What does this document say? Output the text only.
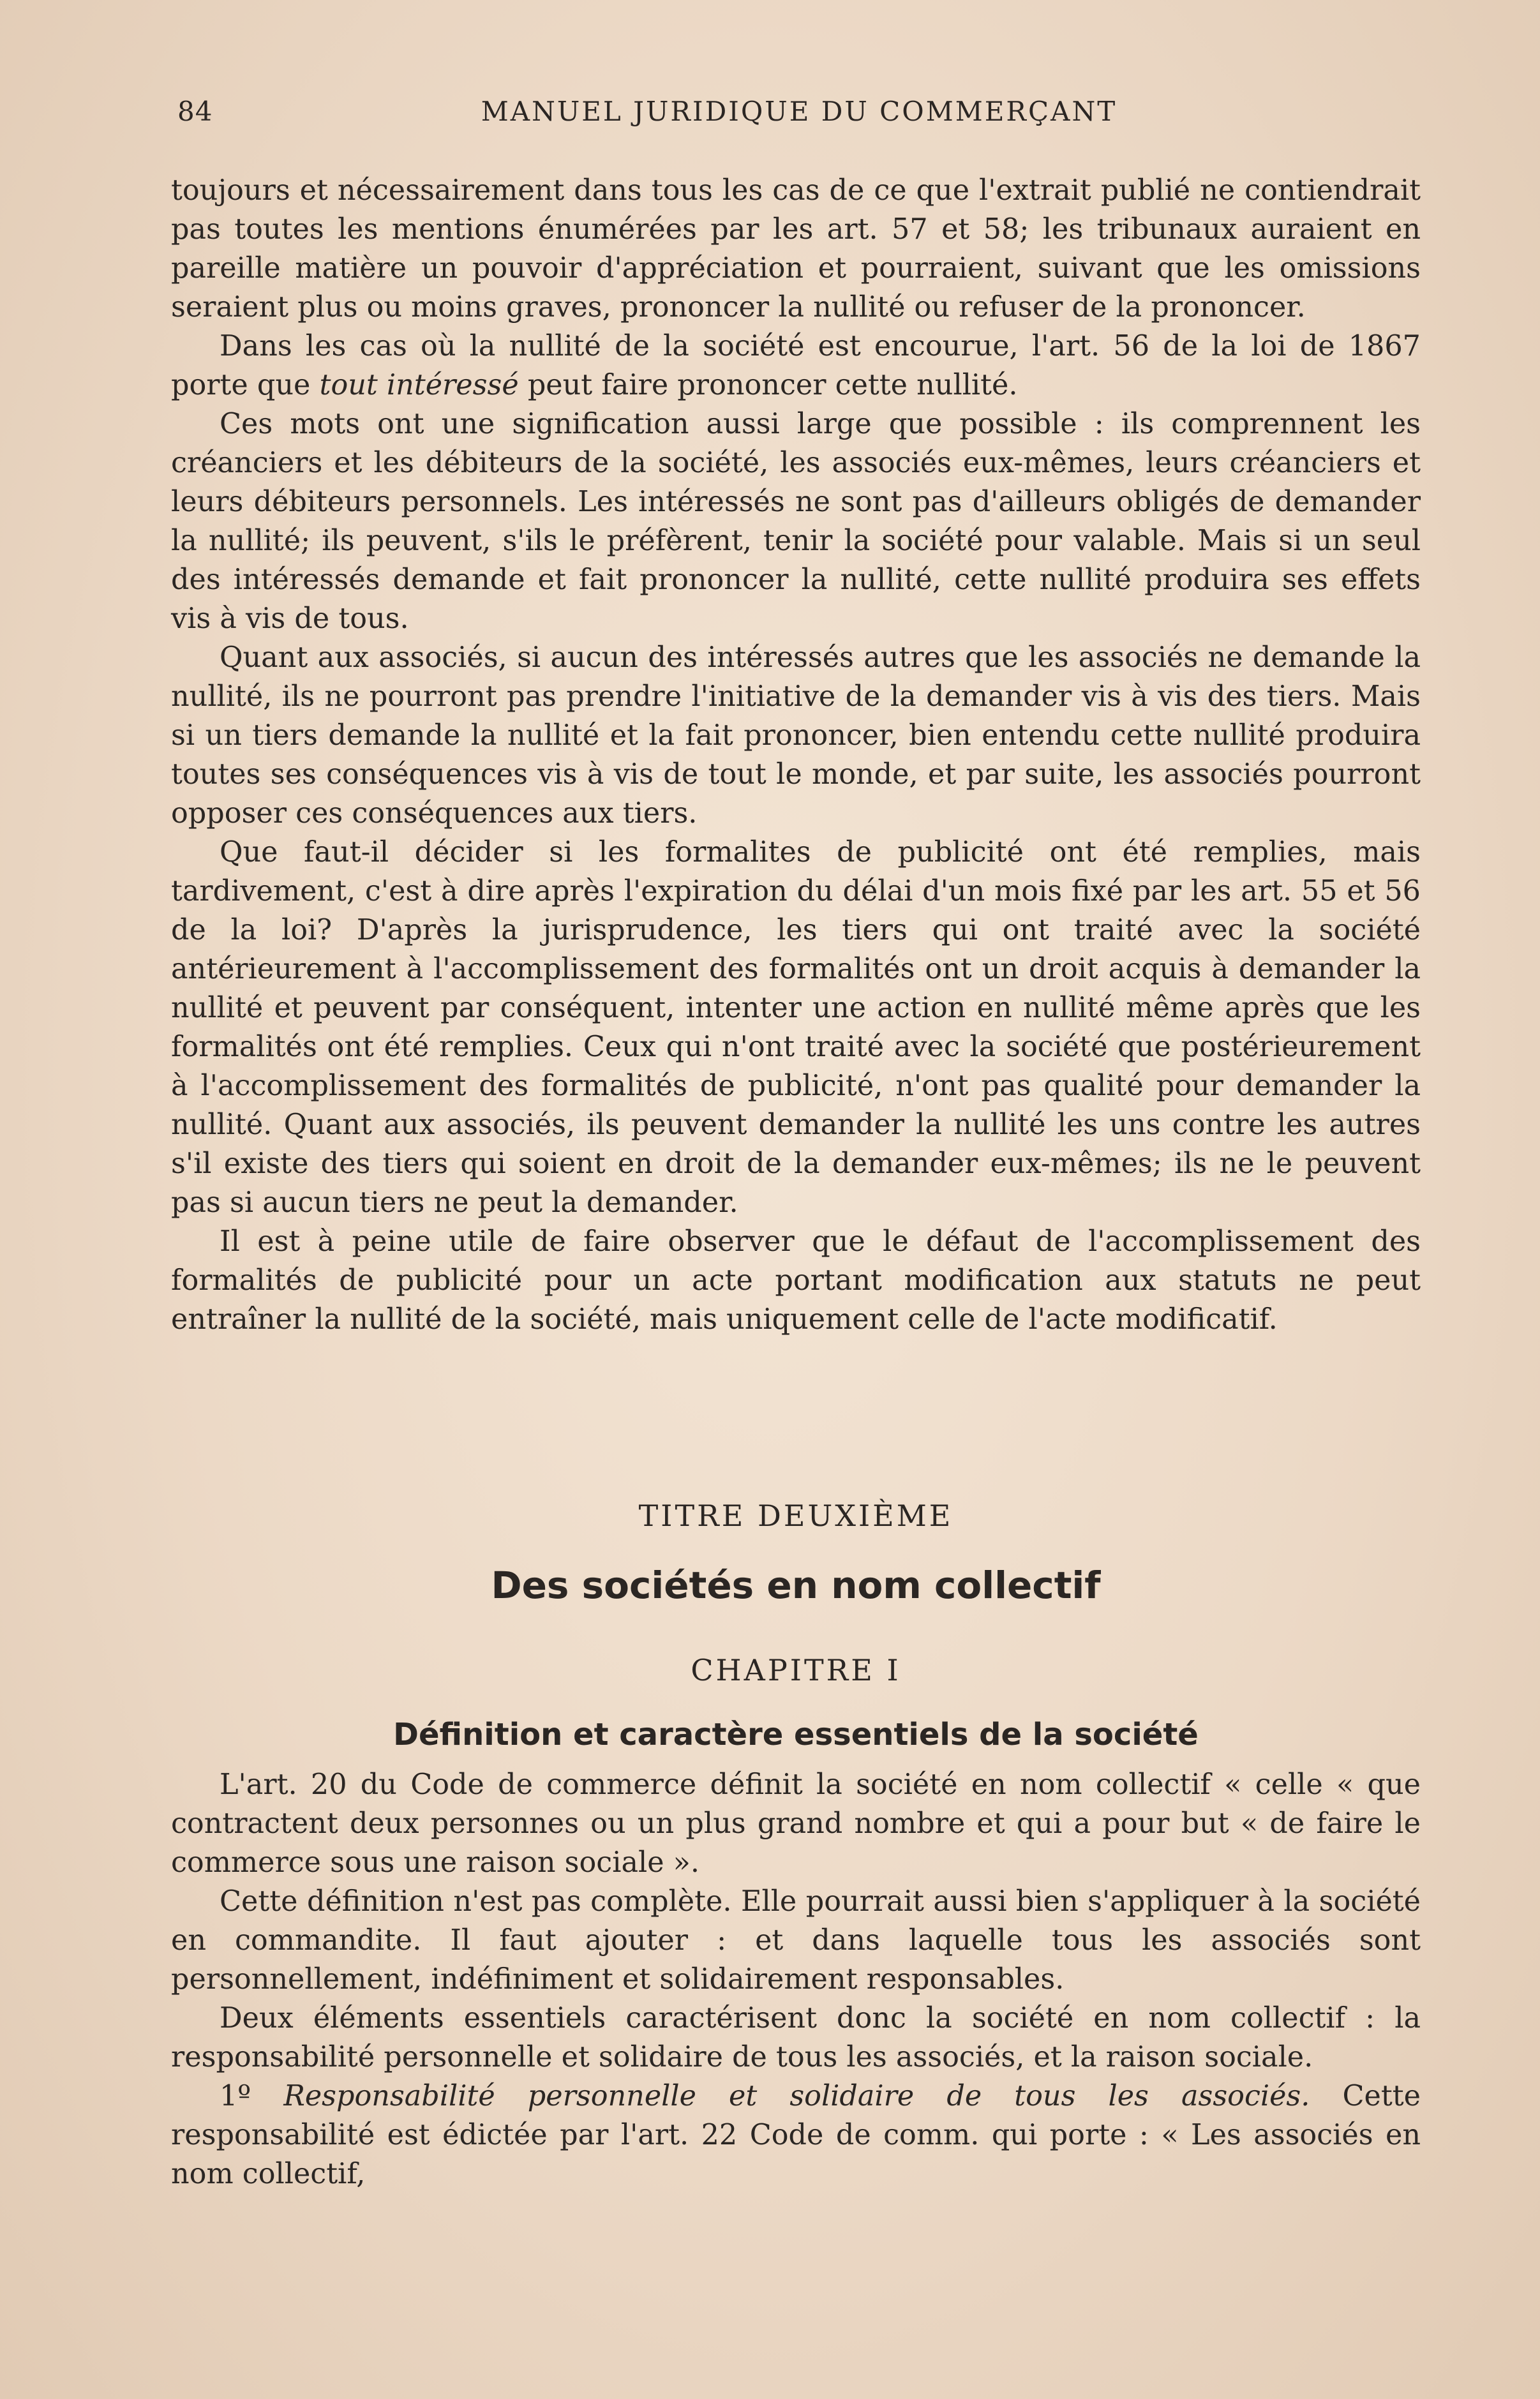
84	MANUEL JURIDIQUE DU COMMERÇANT

toujours et nécessairement dans tous les cas de ce que l'extrait publié ne contiendrait pas toutes les mentions énumérées par les art. 57 et 58; les tribunaux auraient en pareille matière un pouvoir d'appréciation et pourraient, suivant que les omissions seraient plus ou moins graves, prononcer la nullité ou refuser de la prononcer.

Dans les cas où la nullité de la société est encourue, l'art. 56 de la loi de 1867 porte que tout intéressé peut faire prononcer cette nullité.

Ces mots ont une signification aussi large que possible : ils comprennent les créanciers et les débiteurs de la société, les associés eux-mêmes, leurs créanciers et leurs débiteurs personnels. Les intéressés ne sont pas d'ailleurs obligés de demander la nullité; ils peuvent, s'ils le préfèrent, tenir la société pour valable. Mais si un seul des intéressés demande et fait prononcer la nullité, cette nullité produira ses effets vis à vis de tous.

Quant aux associés, si aucun des intéressés autres que les associés ne demande la nullité, ils ne pourront pas prendre l'initiative de la demander vis à vis des tiers. Mais si un tiers demande la nullité et la fait prononcer, bien entendu cette nullité produira toutes ses conséquences vis à vis de tout le monde, et par suite, les associés pourront opposer ces conséquences aux tiers.

Que faut-il décider si les formalites de publicité ont été remplies, mais tardivement, c'est à dire après l'expiration du délai d'un mois fixé par les art. 55 et 56 de la loi? D'après la jurisprudence, les tiers qui ont traité avec la société antérieurement à l'accomplissement des formalités ont un droit acquis à demander la nullité et peuvent par conséquent, intenter une action en nullité même après que les formalités ont été remplies. Ceux qui n'ont traité avec la société que postérieurement à l'accomplissement des formalités de publicité, n'ont pas qualité pour demander la nullité. Quant aux associés, ils peuvent demander la nullité les uns contre les autres s'il existe des tiers qui soient en droit de la demander eux-mêmes; ils ne le peuvent pas si aucun tiers ne peut la demander.

Il est à peine utile de faire observer que le défaut de l'accomplissement des formalités de publicité pour un acte portant modification aux statuts ne peut entraîner la nullité de la société, mais uniquement celle de l'acte modificatif.

TITRE DEUXIÈME
Des sociétés en nom collectif
CHAPITRE I
Définition et caractère essentiels de la société

L'art. 20 du Code de commerce définit la société en nom collectif « celle « que contractent deux personnes ou un plus grand nombre et qui a pour but « de faire le commerce sous une raison sociale ».

Cette définition n'est pas complète. Elle pourrait aussi bien s'appliquer à la société en commandite. Il faut ajouter : et dans laquelle tous les associés sont personnellement, indéfiniment et solidairement responsables.

Deux éléments essentiels caractérisent donc la société en nom collectif : la responsabilité personnelle et solidaire de tous les associés, et la raison sociale.

1º Responsabilité personnelle et solidaire de tous les associés. Cette responsabilité est édictée par l'art. 22 Code de comm. qui porte : « Les associés en nom collectif,
